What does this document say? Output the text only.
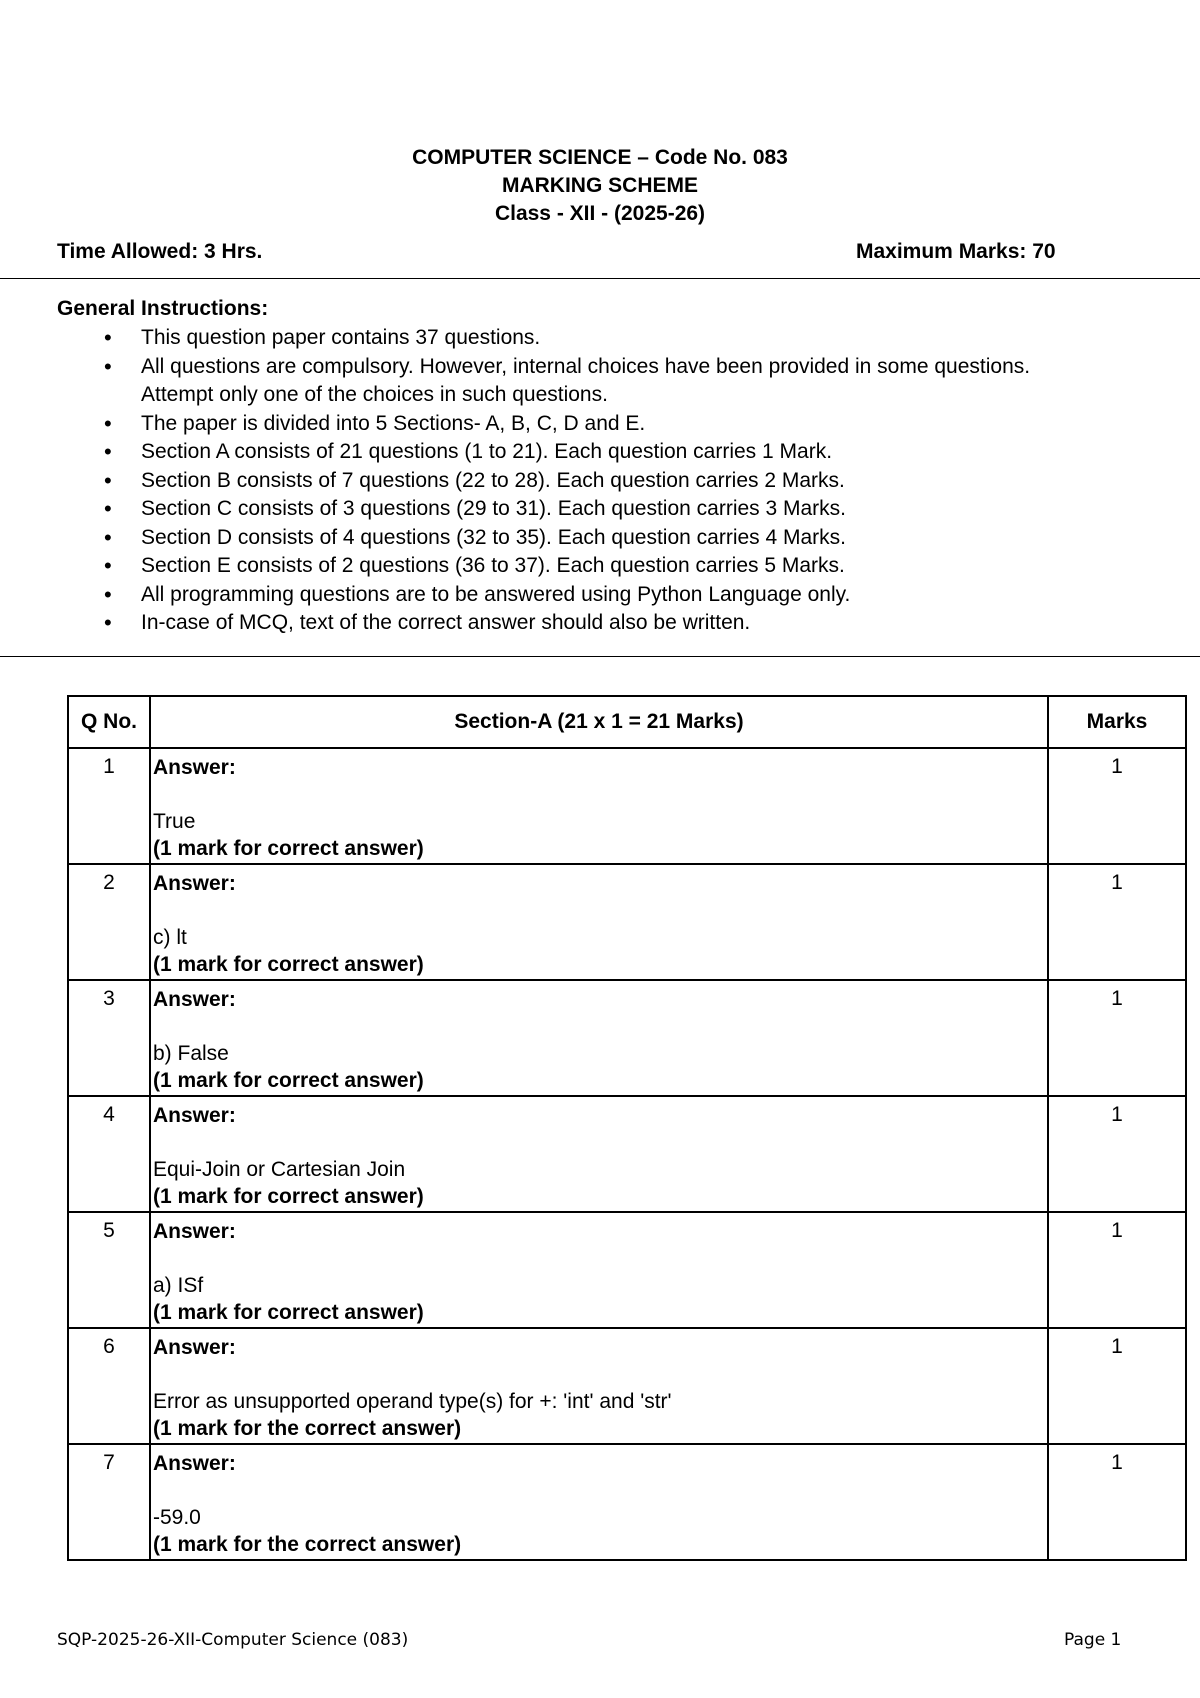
COMPUTER SCIENCE – Code No. 083
MARKING SCHEME
Class - XII - (2025-26)
Time Allowed: 3 Hrs.	Maximum Marks: 70
General Instructions:
• This question paper contains 37 questions.
• All questions are compulsory. However, internal choices have been provided in some questions. Attempt only one of the choices in such questions.
• The paper is divided into 5 Sections- A, B, C, D and E.
• Section A consists of 21 questions (1 to 21). Each question carries 1 Mark.
• Section B consists of 7 questions (22 to 28). Each question carries 2 Marks.
• Section C consists of 3 questions (29 to 31). Each question carries 3 Marks.
• Section D consists of 4 questions (32 to 35). Each question carries 4 Marks.
• Section E consists of 2 questions (36 to 37). Each question carries 5 Marks.
• All programming questions are to be answered using Python Language only.
• In-case of MCQ, text of the correct answer should also be written.
Q No.	Section-A (21 x 1 = 21 Marks)	Marks
1	Answer:
True
(1 mark for correct answer)	1
2	Answer:
c) lt
(1 mark for correct answer)	1
3	Answer:
b) False
(1 mark for correct answer)	1
4	Answer:
Equi-Join or Cartesian Join
(1 mark for correct answer)	1
5	Answer:
a) ISf
(1 mark for correct answer)	1
6	Answer:
Error as unsupported operand type(s) for +: 'int' and 'str'
(1 mark for the correct answer)	1
7	Answer:
-59.0
(1 mark for the correct answer)	1
SQP-2025-26-XII-Computer Science (083)	Page 1
